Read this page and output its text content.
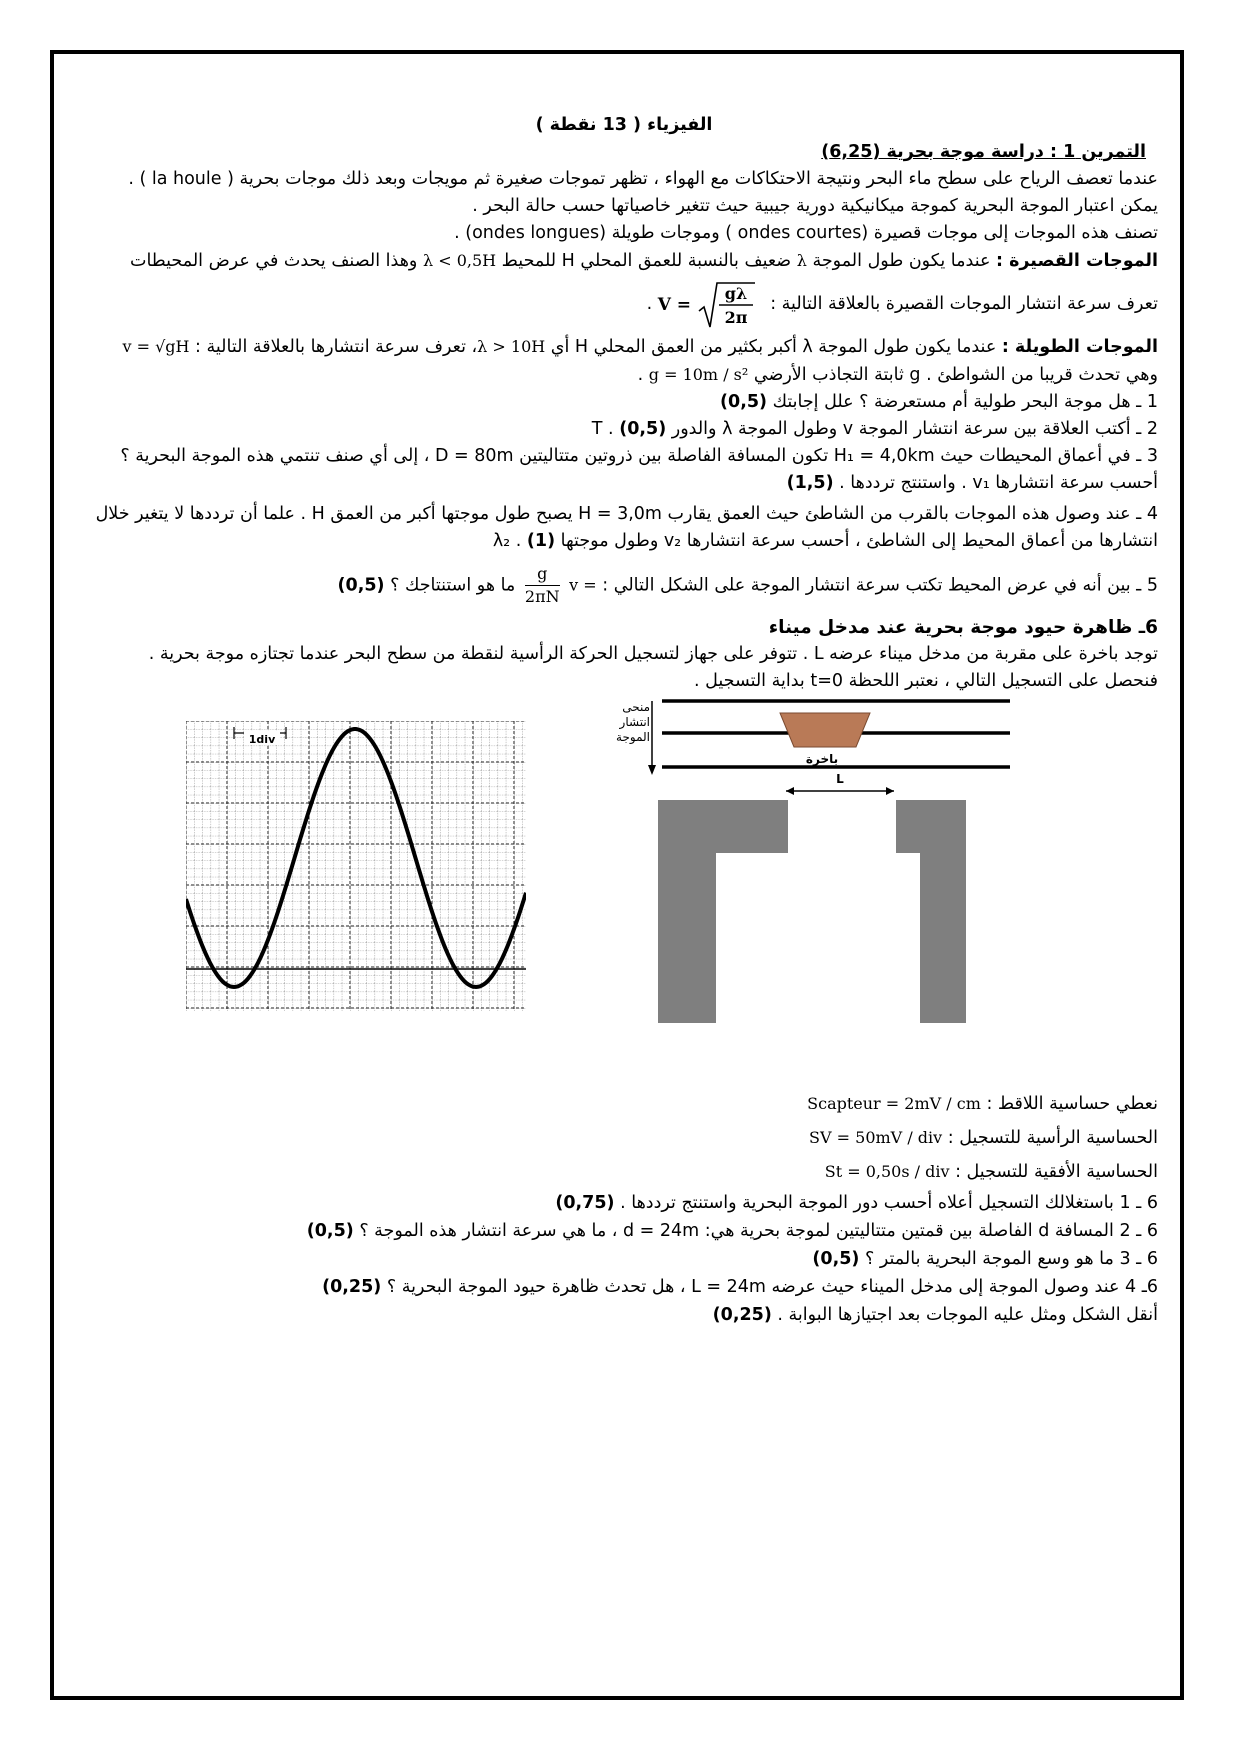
الفيزياء ( 13 نقطة )

التمرين 1 : دراسة موجة بحرية (6,25)

عندما تعصف الرياح على سطح ماء البحر ونتيجة الاحتكاكات مع الهواء ، تظهر تموجات صغيرة ثم مويجات وبعد ذلك موجات بحرية ( la houle ) .

يمكن اعتبار الموجة البحرية كموجة ميكانيكية دورية جيبية حيث تتغير خاصياتها حسب حالة البحر .

تصنف هذه الموجات إلى موجات قصيرة (ondes courtes ) وموجات طويلة (ondes longues) .

الموجات القصيرة : عندما يكون طول الموجة λ ضعيف بالنسبة للعمق المحلي H للمحيط λ < 0,5H وهذا الصنف يحدث في عرض المحيطات تعرف سرعة انتشار الموجات القصيرة بالعلاقة التالية : V =
gλ
2π
.

الموجات الطويلة : عندما يكون طول الموجة λ أكبر بكثير من العمق المحلي H أي λ > 10H، تعرف سرعة انتشارها بالعلاقة التالية : v = √gH وهي تحدث قريبا من الشواطئ . g ثابتة التجاذب الأرضي g = 10m / s² .

1 ـ هل موجة البحر طولية أم مستعرضة ؟ علل إجابتك (0,5)

2 ـ أكتب العلاقة بين سرعة انتشار الموجة v وطول الموجة λ والدور T . (0,5)

3 ـ في أعماق المحيطات حيث H₁ = 4,0km تكون المسافة الفاصلة بين ذروتين متتاليتين D = 80m ، إلى أي صنف تنتمي هذه الموجة البحرية ؟ أحسب سرعة انتشارها v₁ . واستنتج ترددها . (1,5)

4 ـ عند وصول هذه الموجات بالقرب من الشاطئ حيث العمق يقارب H = 3,0m يصبح طول موجتها أكبر من العمق H . علما أن ترددها لا يتغير خلال انتشارها من أعماق المحيط إلى الشاطئ ، أحسب سرعة انتشارها v₂ وطول موجتها λ₂ . (1)

5 ـ بين أنه في عرض المحيط تكتب سرعة انتشار الموجة على الشكل التالي : v =
$\frac{g}{2\pi N}$
ما هو استنتاجك ؟ (0,5)

6ـ ظاهرة حيود موجة بحرية عند مدخل ميناء

توجد باخرة على مقربة من مدخل ميناء عرضه L . تتوفر على جهاز لتسجيل الحركة الرأسية لنقطة من سطح البحر عندما تجتازه موجة بحرية . فنحصل على التسجيل التالي ، نعتبر اللحظة t=0 بداية التسجيل .

1div
منحى
انتشار
الموجة
باخرة
L

نعطي حساسية اللاقط : Scapteur = 2mV / cm

الحساسية الرأسية للتسجيل : SV = 50mV / div

الحساسية الأفقية للتسجيل : St = 0,50s / div

6 ـ 1 باستغلالك التسجيل أعلاه أحسب دور الموجة البحرية واستنتج ترددها . (0,75)

6 ـ 2 المسافة d الفاصلة بين قمتين متتاليتين لموجة بحرية هي: d = 24m ، ما هي سرعة انتشار هذه الموجة ؟ (0,5)

6 ـ 3 ما هو وسع الموجة البحرية بالمتر ؟ (0,5)

6ـ 4 عند وصول الموجة إلى مدخل الميناء حيث عرضه L = 24m ، هل تحدث ظاهرة حيود الموجة البحرية ؟ (0,25)

أنقل الشكل ومثل عليه الموجات بعد اجتيازها البوابة . (0,25)
